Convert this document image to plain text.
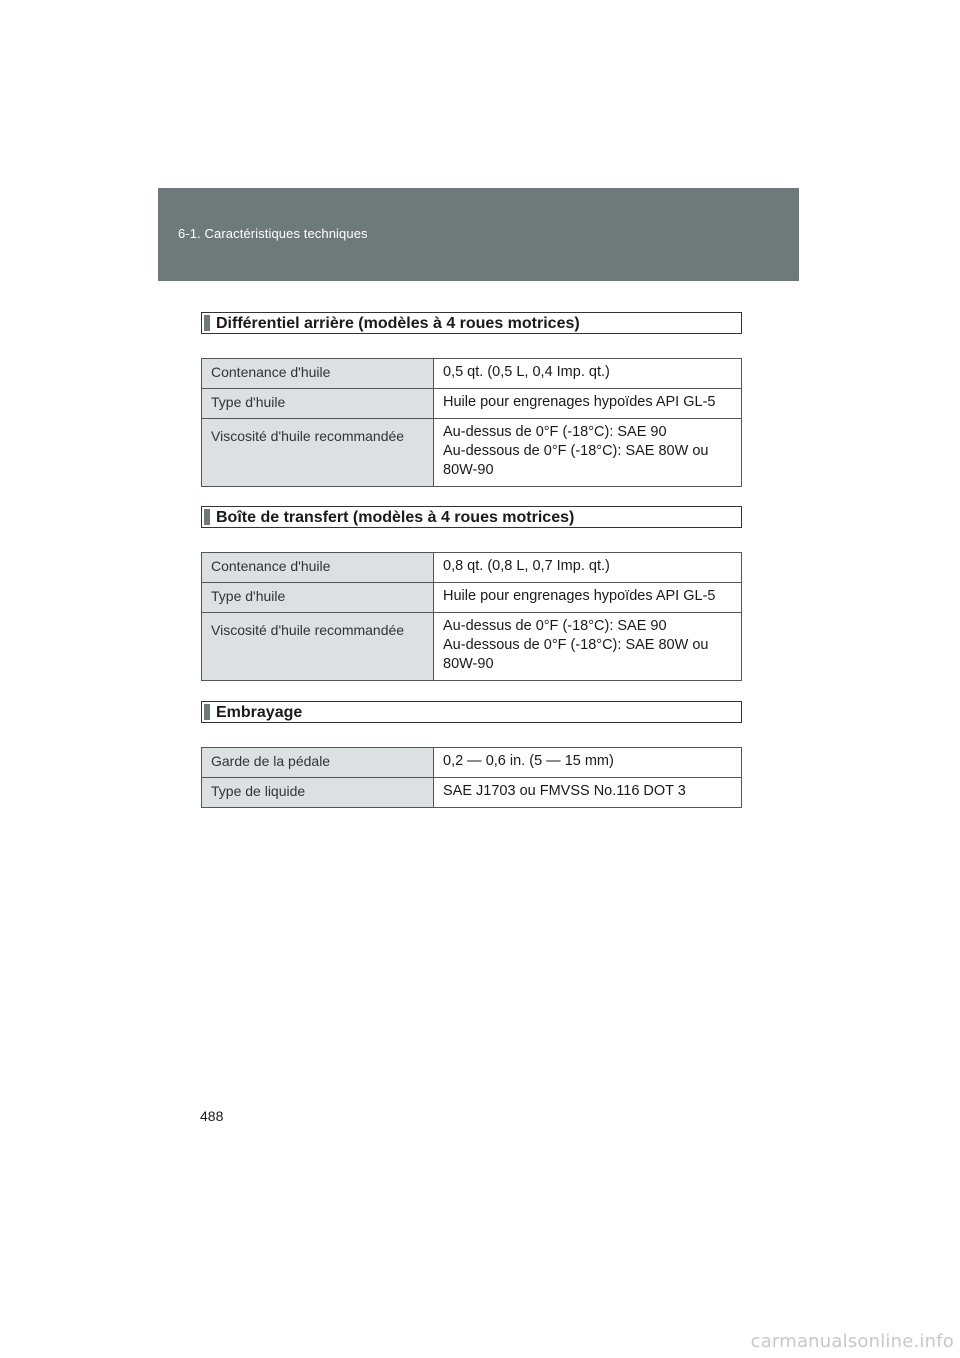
6-1. Caractéristiques techniques
Différentiel arrière (modèles à 4 roues motrices)
Contenance d'huile	0,5 qt. (0,5 L, 0,4 Imp. qt.)
Type d'huile	Huile pour engrenages hypoïdes API GL-5
Viscosité d'huile recommandée	Au-dessus de 0°F (-18°C): SAE 90
Au-dessous de 0°F (-18°C): SAE 80W ou
80W-90
Boîte de transfert (modèles à 4 roues motrices)
Contenance d'huile	0,8 qt. (0,8 L, 0,7 Imp. qt.)
Type d'huile	Huile pour engrenages hypoïdes API GL-5
Viscosité d'huile recommandée	Au-dessus de 0°F (-18°C): SAE 90
Au-dessous de 0°F (-18°C): SAE 80W ou
80W-90
Embrayage
Garde de la pédale	0,2 — 0,6 in. (5 — 15 mm)
Type de liquide	SAE J1703 ou FMVSS No.116 DOT 3
488
carmanualsonline.info
